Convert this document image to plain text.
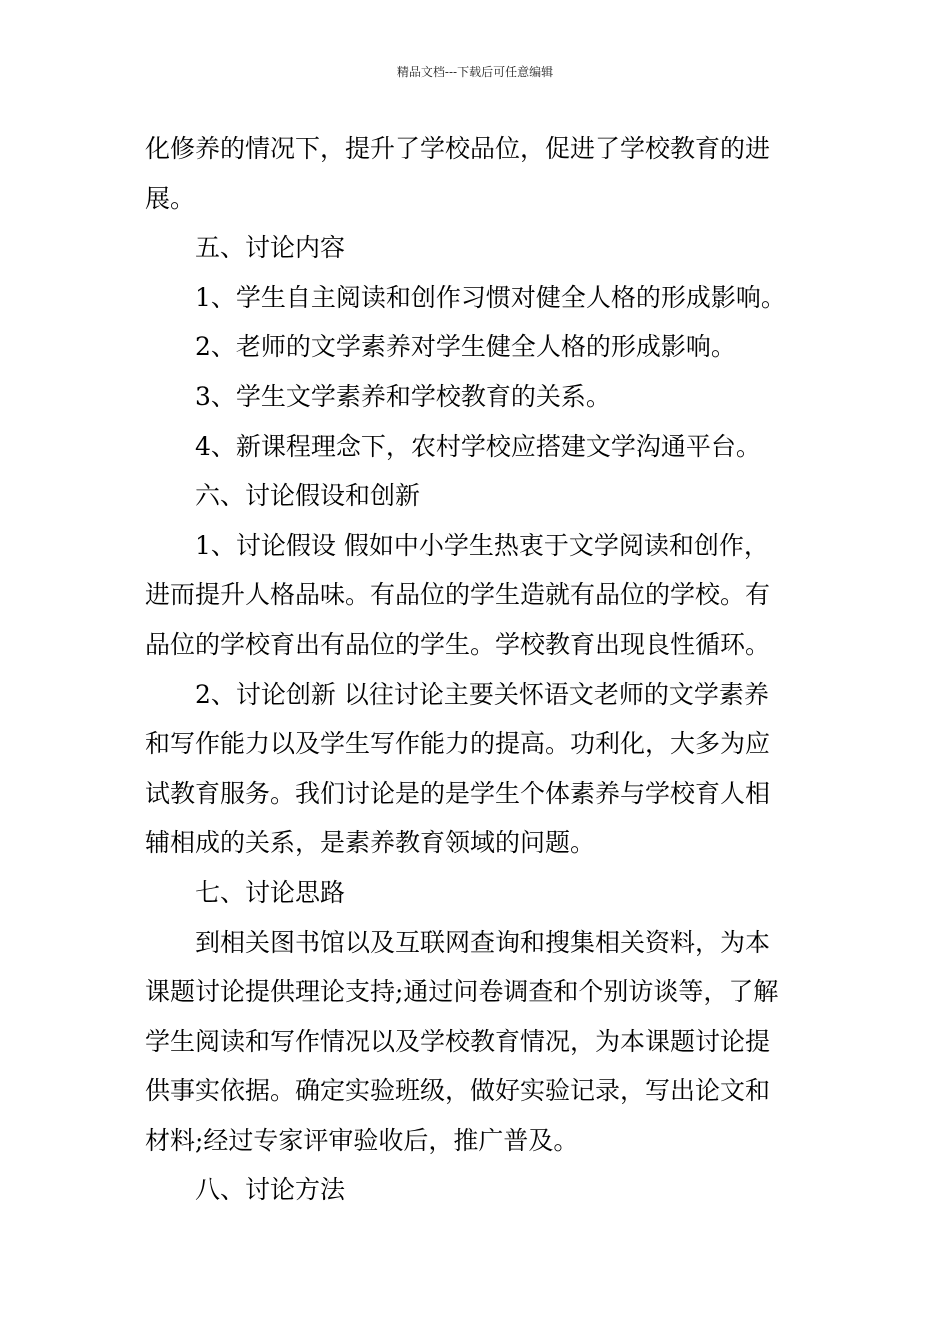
精品文档---下载后可任意编辑
化修养的情况下，提升了学校品位，促进了学校教育的进
展。
五、讨论内容
1、学生自主阅读和创作习惯对健全人格的形成影响。
2、老师的文学素养对学生健全人格的形成影响。
3、学生文学素养和学校教育的关系。
4、新课程理念下，农村学校应搭建文学沟通平台。
六、讨论假设和创新
1、讨论假设 假如中小学生热衷于文学阅读和创作，
进而提升人格品味。有品位的学生造就有品位的学校。有
品位的学校育出有品位的学生。学校教育出现良性循环。
2、讨论创新 以往讨论主要关怀语文老师的文学素养
和写作能力以及学生写作能力的提高。功利化，大多为应
试教育服务。我们讨论是的是学生个体素养与学校育人相
辅相成的关系，是素养教育领域的问题。
七、讨论思路
到相关图书馆以及互联网查询和搜集相关资料，为本
课题讨论提供理论支持;通过问卷调查和个别访谈等，了解
学生阅读和写作情况以及学校教育情况，为本课题讨论提
供事实依据。确定实验班级，做好实验记录，写出论文和
材料;经过专家评审验收后，推广普及。
八、讨论方法
